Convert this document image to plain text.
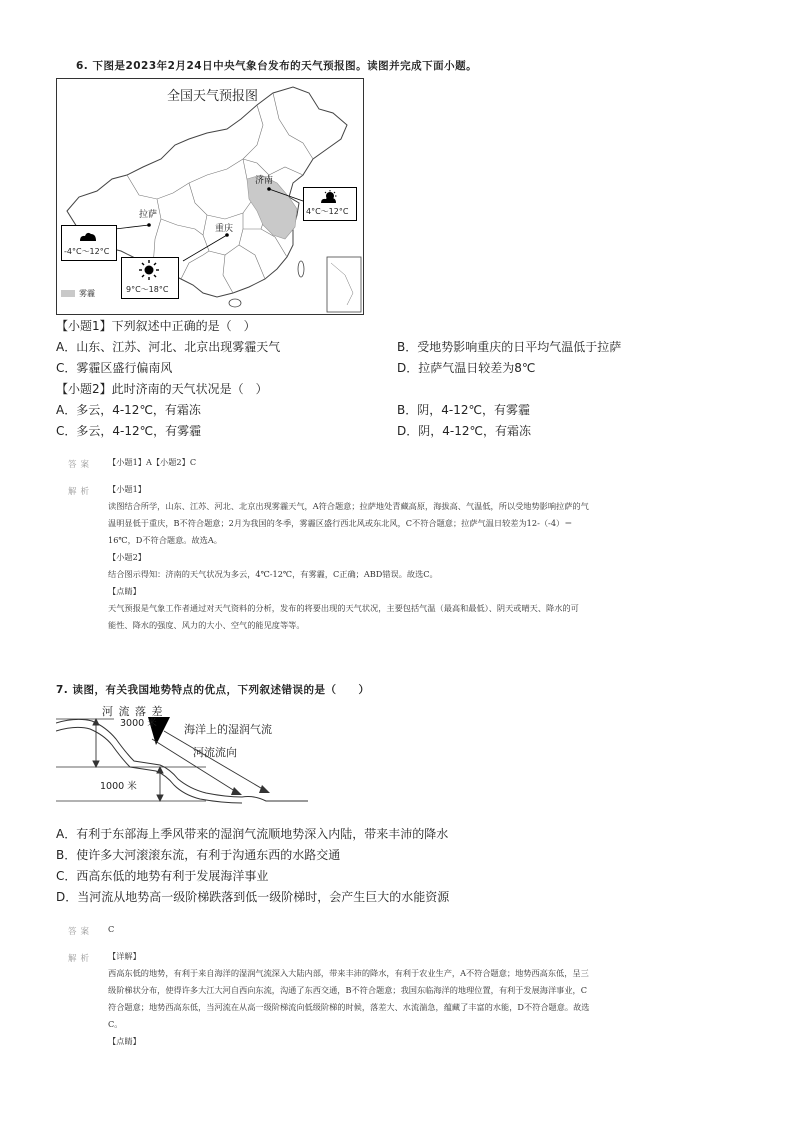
6. 下图是2023年2月24日中央气象台发布的天气预报图。读图并完成下面小题。
全国天气预报图
济南
拉萨
重庆
4°C～12°C
-4°C～12°C
9°C～18°C
雾霾
【小题1】下列叙述中正确的是（　）
A．山东、江苏、河北、北京出现雾霾天气	B．受地势影响重庆的日平均气温低于拉萨
C．雾霾区盛行偏南风	D．拉萨气温日较差为8℃
【小题2】此时济南的天气状况是（　）
A．多云，4-12℃，有霜冻	B．阴，4-12℃，有雾霾
C．多云，4-12℃，有雾霾	D．阴，4-12℃，有霜冻
答案 【小题1】A【小题2】C
解析 【小题1】

读图结合所学，山东、江苏、河北、北京出现雾霾天气，A符合题意；拉萨地处青藏高原，海拔高、气温低，所以受地势影响拉萨的气

温明显低于重庆，B不符合题意；2月为我国的冬季，雾霾区盛行西北风或东北风，C不符合题意；拉萨气温日较差为12-（-4）＝

16℃，D不符合题意。故选A。

【小题2】

结合图示得知：济南的天气状况为多云，4℃-12℃，有雾霾，C正确；ABD错误。故选C。

【点睛】

天气预报是气象工作者通过对天气资料的分析，发布的将要出现的天气状况，主要包括气温（最高和最低）、阴天或晴天、降水的可

能性、降水的强度、风力的大小、空气的能见度等等。

7. 读图，有关我国地势特点的优点，下列叙述错误的是（　　）
河 流 落 差
3000 米
1000 米
海洋上的湿润气流
河流流向
A．有利于东部海上季风带来的湿润气流顺地势深入内陆，带来丰沛的降水
B．使许多大河滚滚东流，有利于沟通东西的水路交通
C．西高东低的地势有利于发展海洋事业
D．当河流从地势高一级阶梯跌落到低一级阶梯时，会产生巨大的水能资源
答案 C
解析 【详解】

西高东低的地势，有利于来自海洋的湿润气流深入大陆内部，带来丰沛的降水，有利于农业生产，A不符合题意；地势西高东低，呈三

级阶梯状分布，使得许多大江大河自西向东流，沟通了东西交通，B不符合题意；我国东临海洋的地理位置，有利于发展海洋事业，C

符合题意；地势西高东低，当河流在从高一级阶梯流向低级阶梯的时候，落差大、水流湍急，蕴藏了丰富的水能，D不符合题意。故选

C。

【点睛】
